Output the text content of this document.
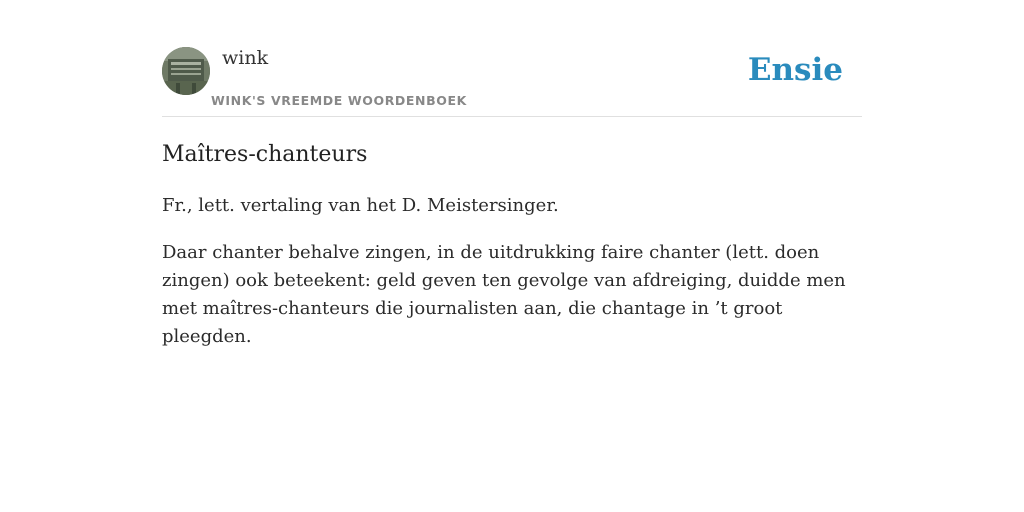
wink
WINK'S VREEMDE WOORDENBOEK
Ensie
Maîtres-chanteurs

Fr., lett. vertaling van het D. Meistersinger.

Daar chanter behalve zingen, in de uitdrukking faire chanter (lett. doen zingen) ook beteekent: geld geven ten gevolge van afdreiging, duidde men met maîtres-chanteurs die journalisten aan, die chantage in ’t groot pleegden.
